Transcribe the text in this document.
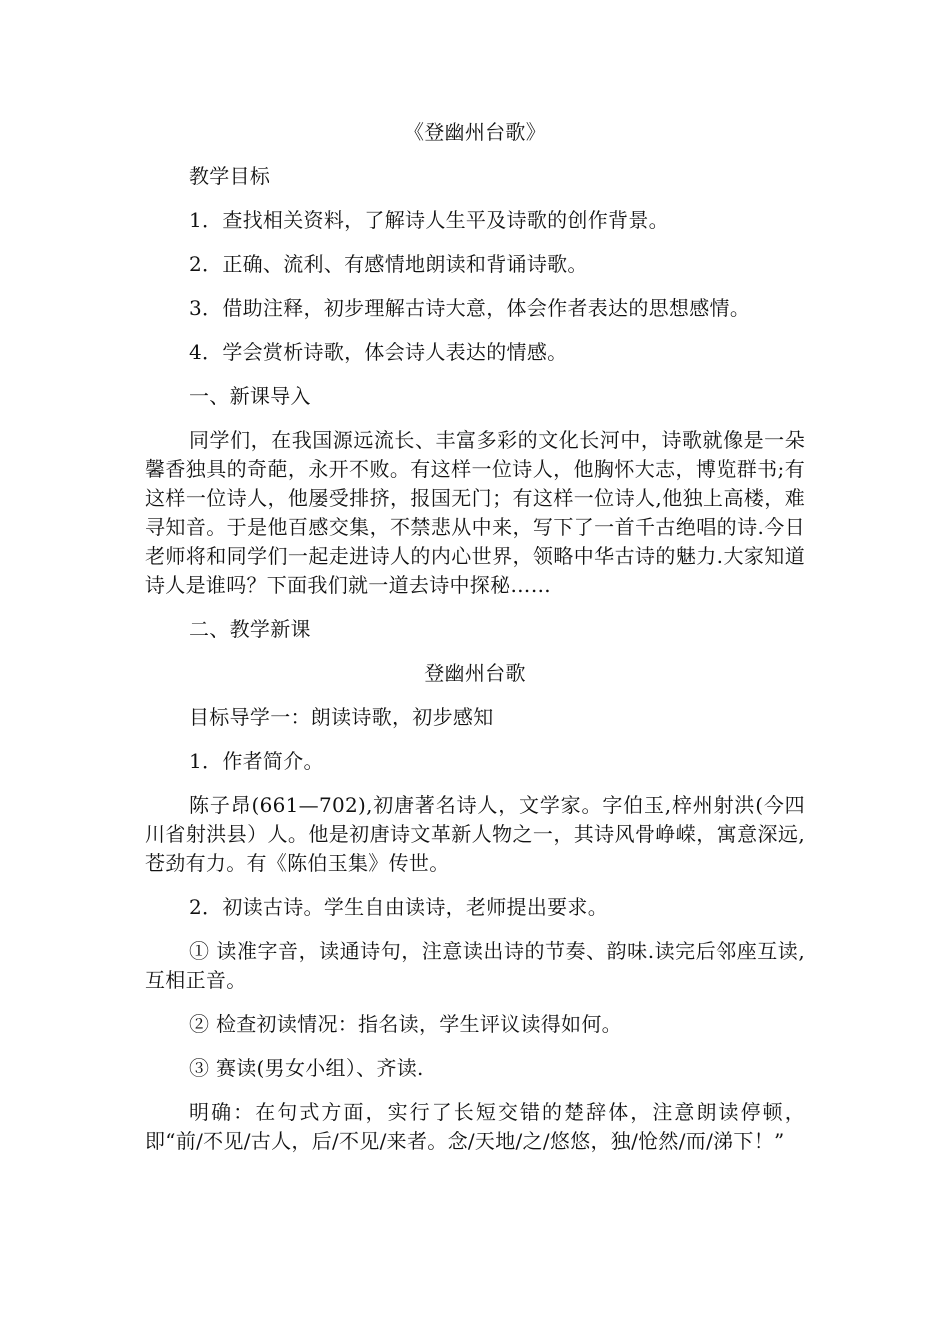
《登幽州台歌》

教学目标

1．查找相关资料，了解诗人生平及诗歌的创作背景。

2．正确、流利、有感情地朗读和背诵诗歌。

3．借助注释，初步理解古诗大意，体会作者表达的思想感情。

4．学会赏析诗歌，体会诗人表达的情感。

一、新课导入

同学们，在我国源远流长、丰富多彩的文化长河中，诗歌就像是一朵馨香独具的奇葩，永开不败。有这样一位诗人，他胸怀大志，博览群书;有这样一位诗人，他屡受排挤，报国无门；有这样一位诗人,他独上高楼，难寻知音。于是他百感交集，不禁悲从中来，写下了一首千古绝唱的诗.今日老师将和同学们一起走进诗人的内心世界，领略中华古诗的魅力.大家知道诗人是谁吗？下面我们就一道去诗中探秘……

二、教学新课

登幽州台歌

目标导学一：朗读诗歌，初步感知

1．作者简介。

陈子昂(661—702),初唐著名诗人，文学家。字伯玉,梓州射洪(今四川省射洪县）人。他是初唐诗文革新人物之一，其诗风骨峥嵘，寓意深远,苍劲有力。有《陈伯玉集》传世。

2．初读古诗。学生自由读诗，老师提出要求。

① 读准字音，读通诗句，注意读出诗的节奏、韵味.读完后邻座互读,互相正音。

② 检查初读情况：指名读，学生评议读得如何。

③ 赛读(男女小组）、齐读.

明确：在句式方面，实行了长短交错的楚辞体，注意朗读停顿，即“前/不见/古人，后/不见/来者。念/天地/之/悠悠，独/怆然/而/涕下！”
